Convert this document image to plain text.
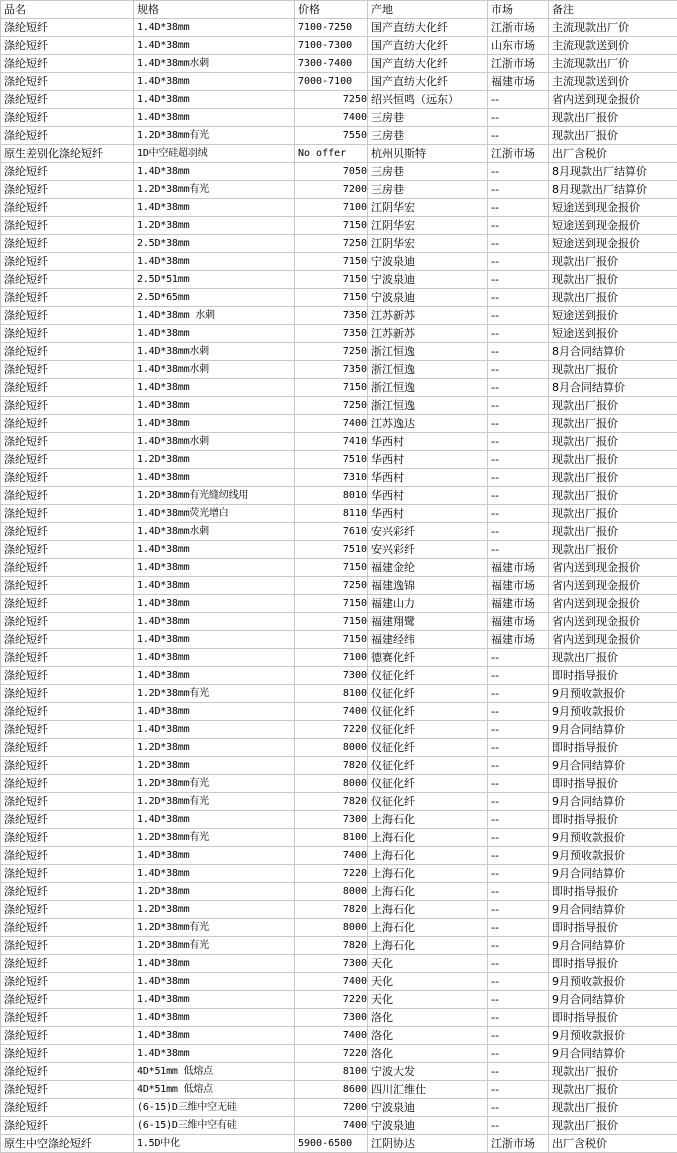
品名	规格	价格	产地	市场	备注
涤纶短纤	1.4D*38mm	7100-7250	国产直纺大化纤	江浙市场	主流现款出厂价
涤纶短纤	1.4D*38mm	7100-7300	国产直纺大化纤	山东市场	主流现款送到价
涤纶短纤	1.4D*38mm水刺	7300-7400	国产直纺大化纤	江浙市场	主流现款出厂价
涤纶短纤	1.4D*38mm	7000-7100	国产直纺大化纤	福建市场	主流现款送到价
涤纶短纤	1.4D*38mm	7250	绍兴恒鸣（远东）	--	省内送到现金报价
涤纶短纤	1.4D*38mm	7400	三房巷	--	现款出厂报价
涤纶短纤	1.2D*38mm有光	7550	三房巷	--	现款出厂报价
原生差别化涤纶短纤	1D中空硅超羽绒	No offer	杭州贝斯特	江浙市场	出厂含税价
涤纶短纤	1.4D*38mm	7050	三房巷	--	8月现款出厂结算价
涤纶短纤	1.2D*38mm有光	7200	三房巷	--	8月现款出厂结算价
涤纶短纤	1.4D*38mm	7100	江阴华宏	--	短途送到现金报价
涤纶短纤	1.2D*38mm	7150	江阴华宏	--	短途送到现金报价
涤纶短纤	2.5D*38mm	7250	江阴华宏	--	短途送到现金报价
涤纶短纤	1.4D*38mm	7150	宁波泉迪	--	现款出厂报价
涤纶短纤	2.5D*51mm	7150	宁波泉迪	--	现款出厂报价
涤纶短纤	2.5D*65mm	7150	宁波泉迪	--	现款出厂报价
涤纶短纤	1.4D*38mm 水刺	7350	江苏新苏	--	短途送到报价
涤纶短纤	1.4D*38mm	7350	江苏新苏	--	短途送到报价
涤纶短纤	1.4D*38mm水刺	7250	浙江恒逸	--	8月合同结算价
涤纶短纤	1.4D*38mm水刺	7350	浙江恒逸	--	现款出厂报价
涤纶短纤	1.4D*38mm	7150	浙江恒逸	--	8月合同结算价
涤纶短纤	1.4D*38mm	7250	浙江恒逸	--	现款出厂报价
涤纶短纤	1.4D*38mm	7400	江苏逸达	--	现款出厂报价
涤纶短纤	1.4D*38mm水刺	7410	华西村	--	现款出厂报价
涤纶短纤	1.2D*38mm	7510	华西村	--	现款出厂报价
涤纶短纤	1.4D*38mm	7310	华西村	--	现款出厂报价
涤纶短纤	1.2D*38mm有光缝纫线用	8010	华西村	--	现款出厂报价
涤纶短纤	1.4D*38mm荧光增白	8110	华西村	--	现款出厂报价
涤纶短纤	1.4D*38mm水刺	7610	安兴彩纤	--	现款出厂报价
涤纶短纤	1.4D*38mm	7510	安兴彩纤	--	现款出厂报价
涤纶短纤	1.4D*38mm	7150	福建金纶	福建市场	省内送到现金报价
涤纶短纤	1.4D*38mm	7250	福建逸锦	福建市场	省内送到现金报价
涤纶短纤	1.4D*38mm	7150	福建山力	福建市场	省内送到现金报价
涤纶短纤	1.4D*38mm	7150	福建翔鹭	福建市场	省内送到现金报价
涤纶短纤	1.4D*38mm	7150	福建经纬	福建市场	省内送到现金报价
涤纶短纤	1.4D*38mm	7100	德赛化纤	--	现款出厂报价
涤纶短纤	1.4D*38mm	7300	仪征化纤	--	即时指导报价
涤纶短纤	1.2D*38mm有光	8100	仪征化纤	--	9月预收款报价
涤纶短纤	1.4D*38mm	7400	仪征化纤	--	9月预收款报价
涤纶短纤	1.4D*38mm	7220	仪征化纤	--	9月合同结算价
涤纶短纤	1.2D*38mm	8000	仪征化纤	--	即时指导报价
涤纶短纤	1.2D*38mm	7820	仪征化纤	--	9月合同结算价
涤纶短纤	1.2D*38mm有光	8000	仪征化纤	--	即时指导报价
涤纶短纤	1.2D*38mm有光	7820	仪征化纤	--	9月合同结算价
涤纶短纤	1.4D*38mm	7300	上海石化	--	即时指导报价
涤纶短纤	1.2D*38mm有光	8100	上海石化	--	9月预收款报价
涤纶短纤	1.4D*38mm	7400	上海石化	--	9月预收款报价
涤纶短纤	1.4D*38mm	7220	上海石化	--	9月合同结算价
涤纶短纤	1.2D*38mm	8000	上海石化	--	即时指导报价
涤纶短纤	1.2D*38mm	7820	上海石化	--	9月合同结算价
涤纶短纤	1.2D*38mm有光	8000	上海石化	--	即时指导报价
涤纶短纤	1.2D*38mm有光	7820	上海石化	--	9月合同结算价
涤纶短纤	1.4D*38mm	7300	天化	--	即时指导报价
涤纶短纤	1.4D*38mm	7400	天化	--	9月预收款报价
涤纶短纤	1.4D*38mm	7220	天化	--	9月合同结算价
涤纶短纤	1.4D*38mm	7300	洛化	--	即时指导报价
涤纶短纤	1.4D*38mm	7400	洛化	--	9月预收款报价
涤纶短纤	1.4D*38mm	7220	洛化	--	9月合同结算价
涤纶短纤	4D*51mm 低熔点	8100	宁波大发	--	现款出厂报价
涤纶短纤	4D*51mm 低熔点	8600	四川汇维仕	--	现款出厂报价
涤纶短纤	(6-15)D三维中空无硅	7200	宁波泉迪	--	现款出厂报价
涤纶短纤	(6-15)D三维中空有硅	7400	宁波泉迪	--	现款出厂报价
原生中空涤纶短纤	1.5D中化	5900-6500	江阴协达	江浙市场	出厂含税价
